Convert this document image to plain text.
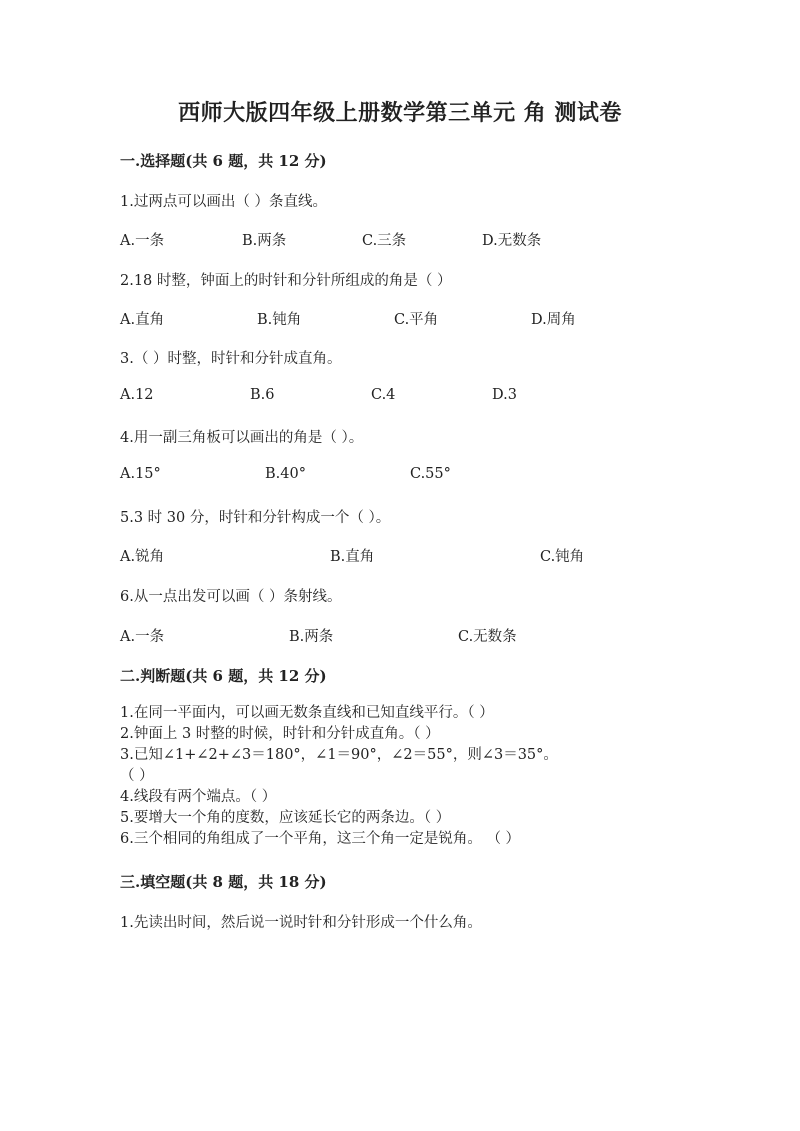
西师大版四年级上册数学第三单元 角 测试卷
一.选择题(共 6 题，共 12 分)
1.过两点可以画出（ ）条直线。
A.一条	B.两条	C.三条	D.无数条
2.18 时整，钟面上的时针和分针所组成的角是（ ）
A.直角	B.钝角	C.平角	D.周角
3.（ ）时整，时针和分针成直角。
A.12	B.6	C.4	D.3
4.用一副三角板可以画出的角是（ ）。
A.15°	B.40°	C.55°
5.3 时 30 分，时针和分针构成一个（ ）。
A.锐角	B.直角	C.钝角
6.从一点出发可以画（ ）条射线。
A.一条	B.两条	C.无数条
二.判断题(共 6 题，共 12 分)
1.在同一平面内，可以画无数条直线和已知直线平行。（ ）
2.钟面上 3 时整的时候，时针和分针成直角。（ ）
3.已知∠1+∠2+∠3＝180°，∠1＝90°，∠2＝55°，则∠3＝35°。
（ ）
4.线段有两个端点。（ ）
5.要增大一个角的度数，应该延长它的两条边。（ ）
6.三个相同的角组成了一个平角，这三个角一定是锐角。 （ ）
三.填空题(共 8 题，共 18 分)
1.先读出时间，然后说一说时针和分针形成一个什么角。
